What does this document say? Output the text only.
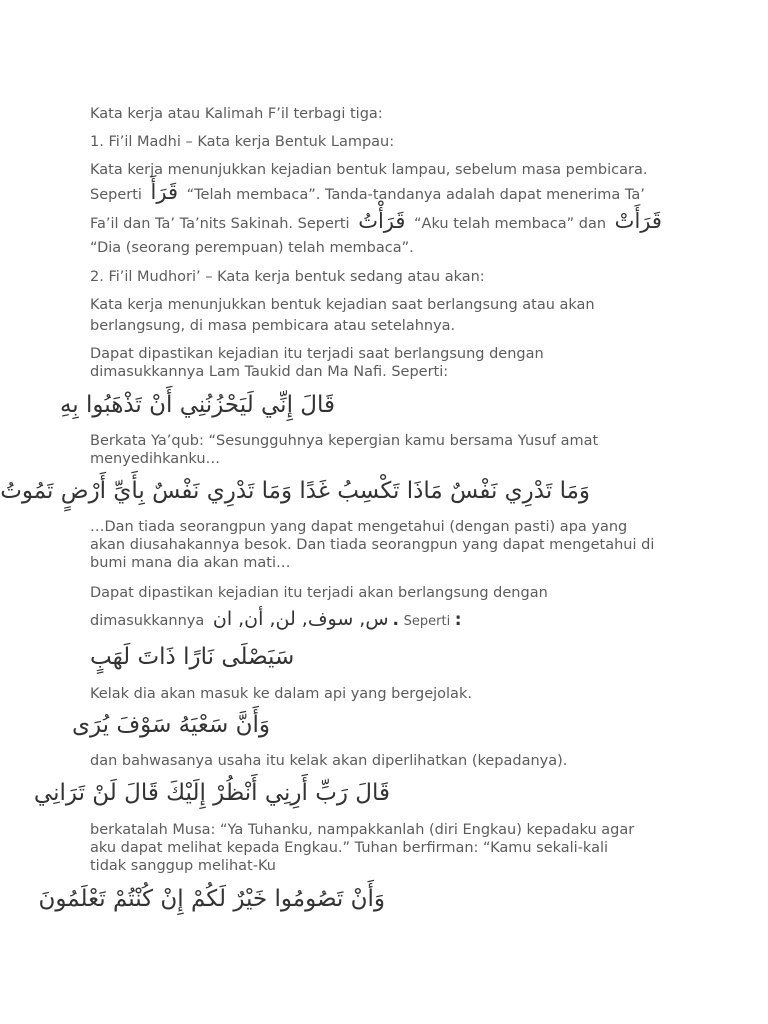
Kata kerja atau Kalimah F’il terbagi tiga:
1. Fi’il Madhi – Kata kerja Bentuk Lampau:
Kata kerja menunjukkan kejadian bentuk lampau, sebelum masa pembicara.
Seperti قَرَأَ “Telah membaca”. Tanda-tandanya adalah dapat menerima Ta’
Fa’il dan Ta’ Ta’nits Sakinah. Seperti قَرَأْتُ “Aku telah membaca” dan قَرَأَتْ
“Dia (seorang perempuan) telah membaca”.
2. Fi’il Mudhori’ – Kata kerja bentuk sedang atau akan:
Kata kerja menunjukkan bentuk kejadian saat berlangsung atau akan
berlangsung, di masa pembicara atau setelahnya.
Dapat dipastikan kejadian itu terjadi saat berlangsung dengan
dimasukkannya Lam Taukid dan Ma Nafi. Seperti:
قَالَ إِنِّي لَيَحْزُنُنِي أَنْ تَذْهَبُوا بِهِ
Berkata Ya’qub: “Sesungguhnya kepergian kamu bersama Yusuf amat
menyedihkanku…
وَمَا تَدْرِي نَفْسٌ مَاذَا تَكْسِبُ غَدًا وَمَا تَدْرِي نَفْسٌ بِأَيِّ أَرْضٍ تَمُوتُ
…Dan tiada seorangpun yang dapat mengetahui (dengan pasti) apa yang
akan diusahakannya besok. Dan tiada seorangpun yang dapat mengetahui di
bumi mana dia akan mati…
Dapat dipastikan kejadian itu terjadi akan berlangsung dengan
dimasukkannya س, سوف, لن, أن, ان . Seperti :
سَيَصْلَى نَارًا ذَاتَ لَهَبٍ
Kelak dia akan masuk ke dalam api yang bergejolak.
وَأَنَّ سَعْيَهُ سَوْفَ يُرَى
dan bahwasanya usaha itu kelak akan diperlihatkan (kepadanya).
قَالَ رَبِّ أَرِنِي أَنْظُرْ إِلَيْكَ قَالَ لَنْ تَرَانِي
berkatalah Musa: “Ya Tuhanku, nampakkanlah (diri Engkau) kepadaku agar
aku dapat melihat kepada Engkau.” Tuhan berfirman: “Kamu sekali-kali
tidak sanggup melihat-Ku
وَأَنْ تَصُومُوا خَيْرٌ لَكُمْ إِنْ كُنْتُمْ تَعْلَمُونَ
